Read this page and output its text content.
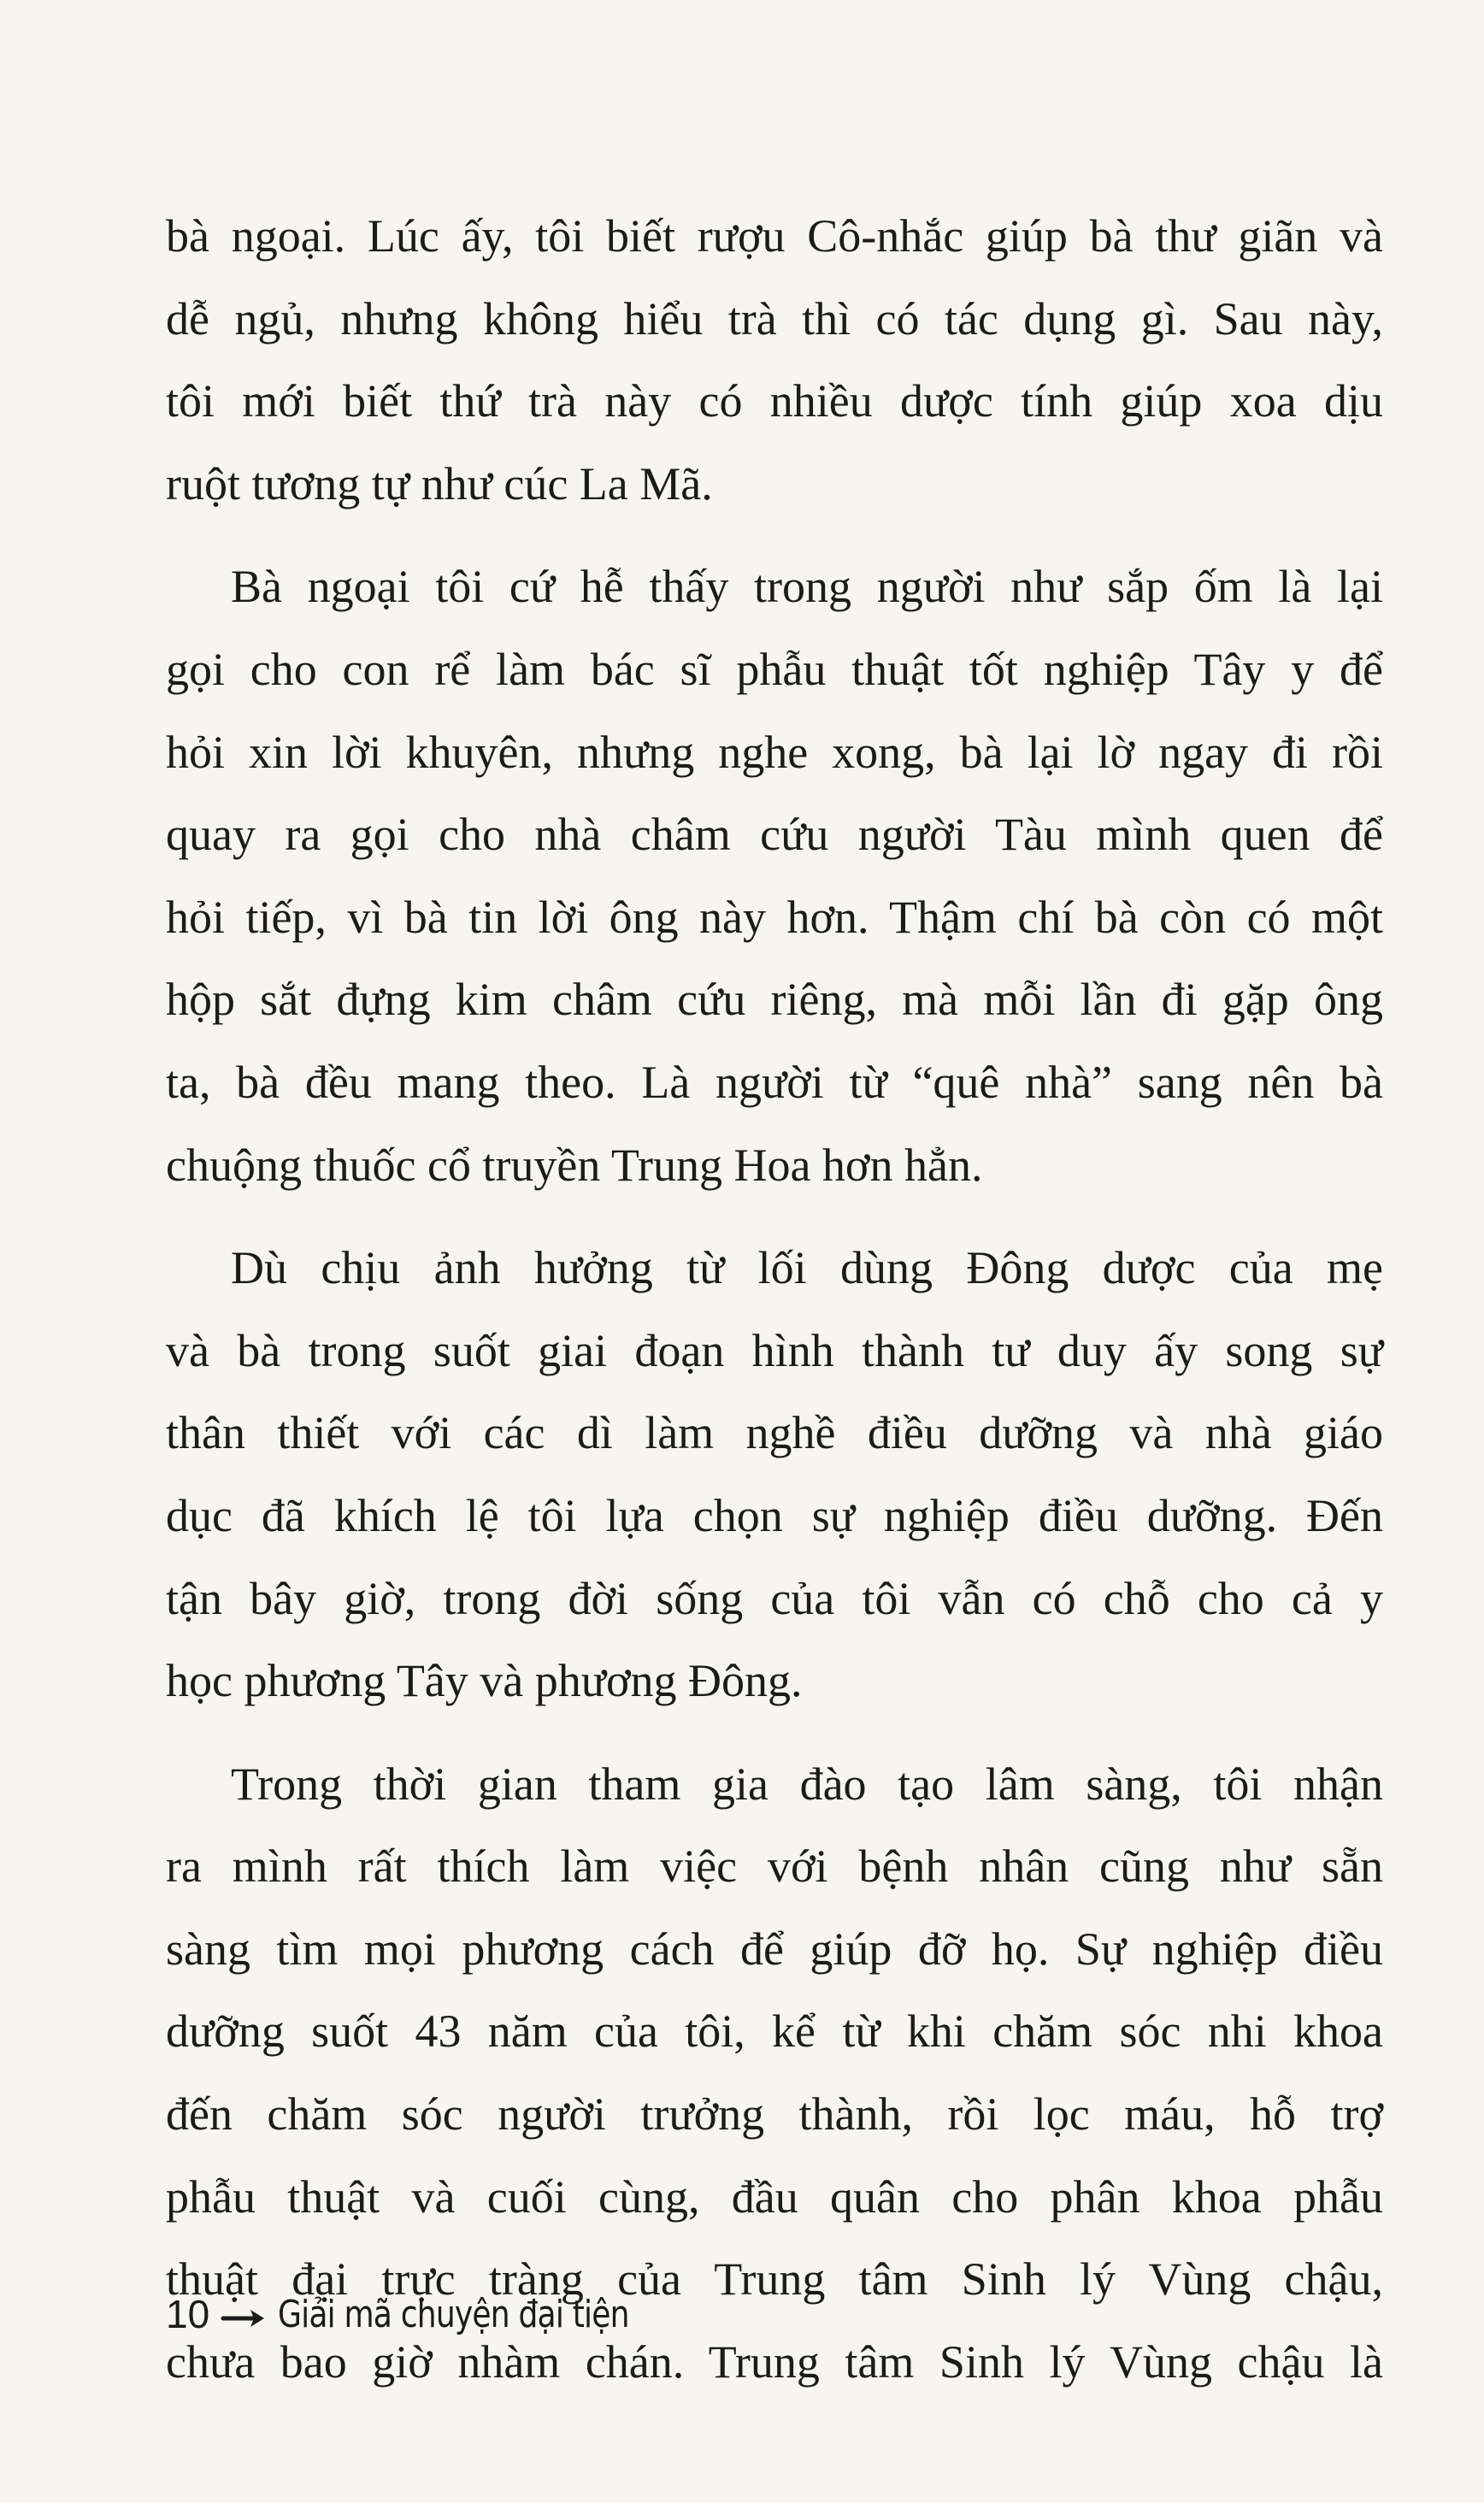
bà ngoại. Lúc ấy, tôi biết rượu Cô-nhắc giúp bà thư giãn và
dễ ngủ, nhưng không hiểu trà thì có tác dụng gì. Sau này,
tôi mới biết thứ trà này có nhiều dược tính giúp xoa dịu
ruột tương tự như cúc La Mã.
Bà ngoại tôi cứ hễ thấy trong người như sắp ốm là lại
gọi cho con rể làm bác sĩ phẫu thuật tốt nghiệp Tây y để
hỏi xin lời khuyên, nhưng nghe xong, bà lại lờ ngay đi rồi
quay ra gọi cho nhà châm cứu người Tàu mình quen để
hỏi tiếp, vì bà tin lời ông này hơn. Thậm chí bà còn có một
hộp sắt đựng kim châm cứu riêng, mà mỗi lần đi gặp ông
ta, bà đều mang theo. Là người từ “quê nhà” sang nên bà
chuộng thuốc cổ truyền Trung Hoa hơn hẳn.
Dù chịu ảnh hưởng từ lối dùng Đông dược của mẹ
và bà trong suốt giai đoạn hình thành tư duy ấy song sự
thân thiết với các dì làm nghề điều dưỡng và nhà giáo
dục đã khích lệ tôi lựa chọn sự nghiệp điều dưỡng. Đến
tận bây giờ, trong đời sống của tôi vẫn có chỗ cho cả y
học phương Tây và phương Đông.
Trong thời gian tham gia đào tạo lâm sàng, tôi nhận
ra mình rất thích làm việc với bệnh nhân cũng như sẵn
sàng tìm mọi phương cách để giúp đỡ họ. Sự nghiệp điều
dưỡng suốt 43 năm của tôi, kể từ khi chăm sóc nhi khoa
đến chăm sóc người trưởng thành, rồi lọc máu, hỗ trợ
phẫu thuật và cuối cùng, đầu quân cho phân khoa phẫu
thuật đại trực tràng của Trung tâm Sinh lý Vùng chậu,
chưa bao giờ nhàm chán. Trung tâm Sinh lý Vùng chậu là
10 Giải mã chuyện đại tiện
